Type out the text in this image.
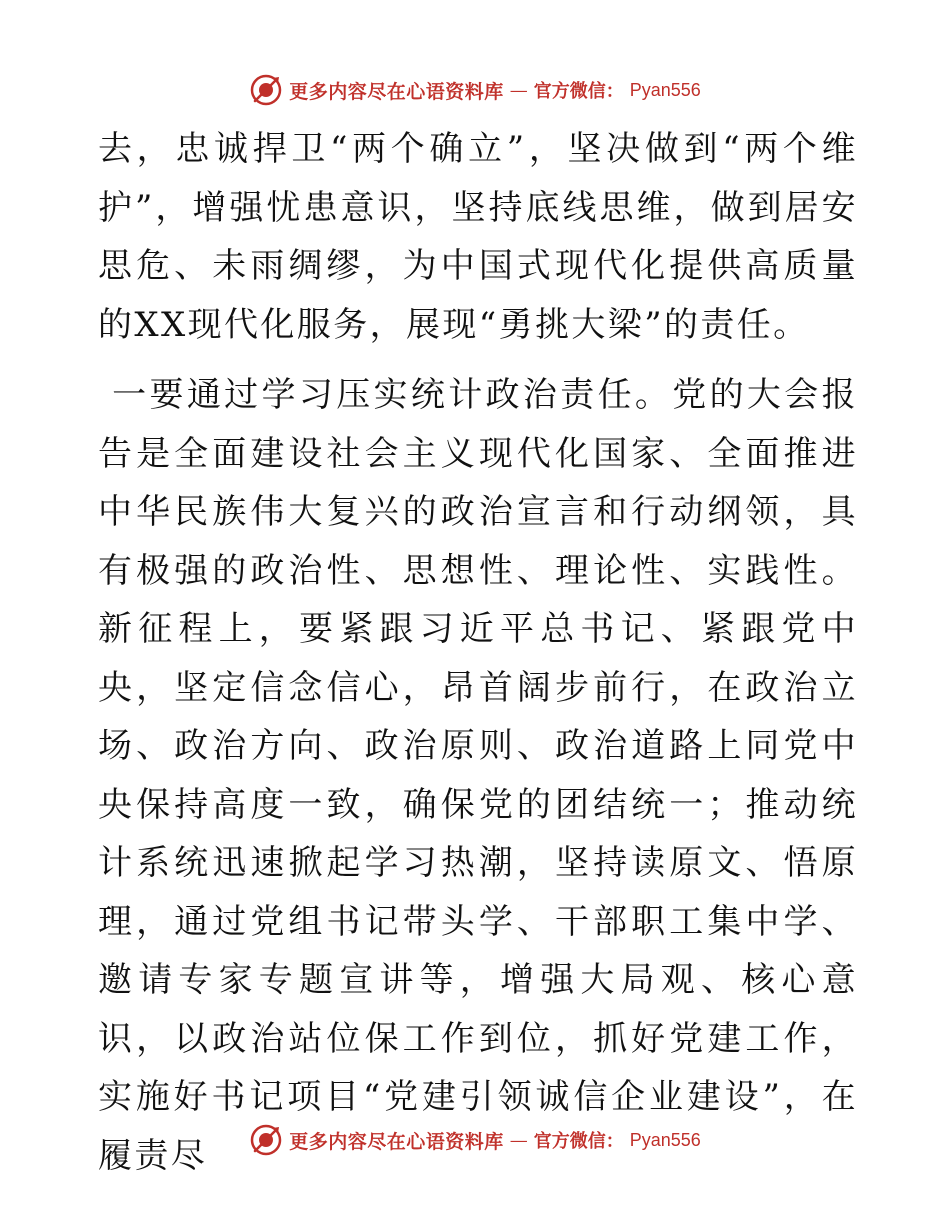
更多内容尽在心语资料库 — 官方微信： Pyan556

去，忠诚捍卫“两个确立”，坚决做到“两个维护”，增强忧患意识，坚持底线思维，做到居安思危、未雨绸缪，为中国式现代化提供高质量的XX现代化服务，展现“勇挑大梁”的责任。

一要通过学习压实统计政治责任。党的大会报告是全面建设社会主义现代化国家、全面推进中华民族伟大复兴的政治宣言和行动纲领，具有极强的政治性、思想性、理论性、实践性。新征程上，要紧跟习近平总书记、紧跟党中央，坚定信念信心，昂首阔步前行，在政治立场、政治方向、政治原则、政治道路上同党中央保持高度一致，确保党的团结统一；推动统计系统迅速掀起学习热潮，坚持读原文、悟原理，通过党组书记带头学、干部职工集中学、邀请专家专题宣讲等，增强大局观、核心意识，以政治站位保工作到位，抓好党建工作，实施好书记项目“党建引领诚信企业建设”，在履责尽	更多内容尽在心语资料库 — 官方微信： Pyan556
